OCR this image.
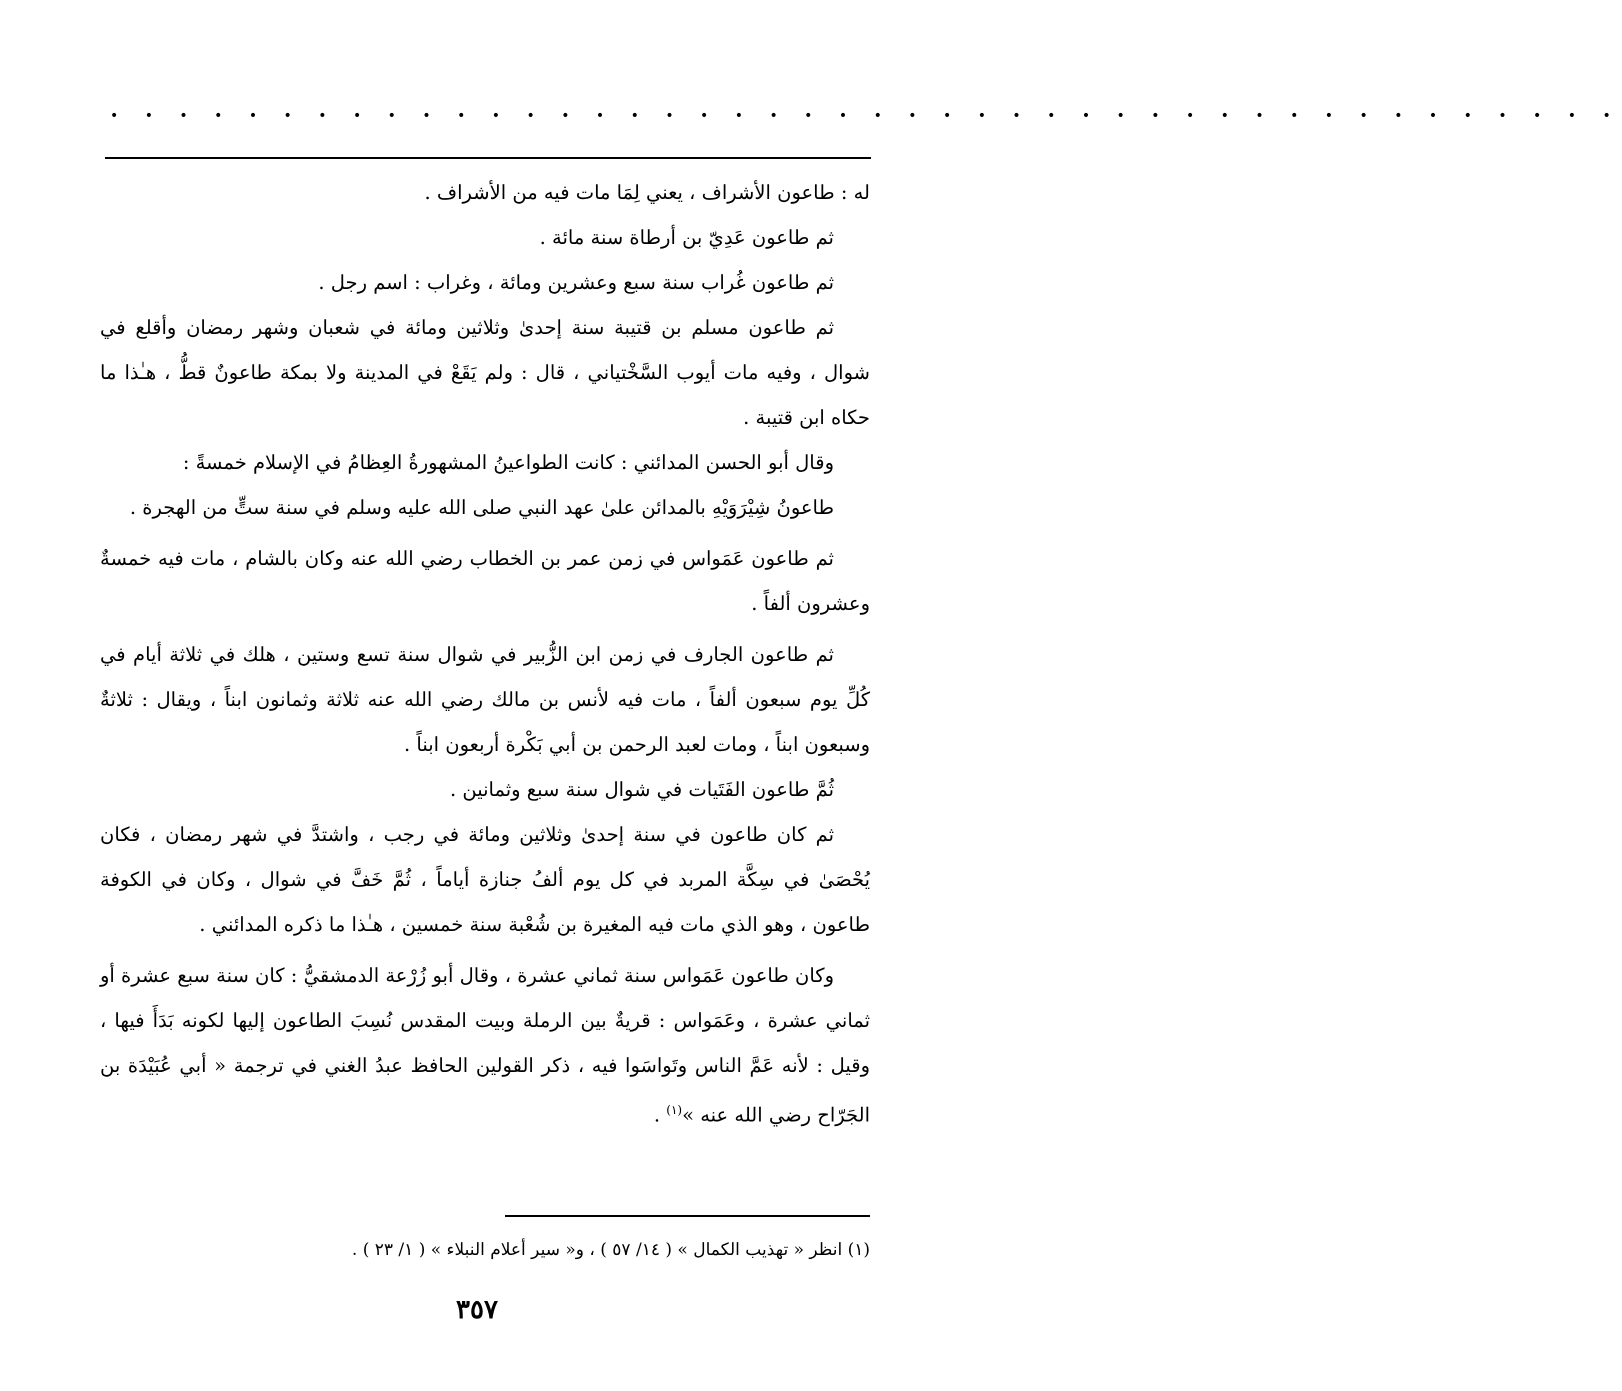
• • • • • • • • • • • • • • • • • • • • • • • • • • • • • • • • • • • • • • • • • • • •

له : طاعون الأشراف ، يعني لِمَا مات فيه من الأشراف .

ثم طاعون عَدِيّ بن أرطاة سنة مائة .

ثم طاعون غُراب سنة سبع وعشرين ومائة ، وغراب : اسم رجل .

ثم طاعون مسلم بن قتيبة سنة إحدىٰ وثلاثين ومائة في شعبان وشهر رمضان وأقلع في شوال ، وفيه مات أيوب السَّخْتياني ، قال : ولم يَقَعْ في المدينة ولا بمكة طاعونٌ قطُّ ، هـٰذا ما حكاه ابن قتيبة .

وقال أبو الحسن المدائني : كانت الطواعينُ المشهورةُ العِظامُ في الإسلام خمسةً :

طاعونُ شِيْرَوَيْهِ بالمدائن علىٰ عهد النبي صلى الله عليه وسلم في سنة ستٍّ من الهجرة .

ثم طاعون عَمَواس في زمن عمر بن الخطاب رضي الله عنه وكان بالشام ، مات فيه خمسةٌ وعشرون ألفاً .

ثم طاعون الجارف في زمن ابن الزُّبير في شوال سنة تسع وستين ، هلك في ثلاثة أيام في كُلِّ يوم سبعون ألفاً ، مات فيه لأنس بن مالك رضي الله عنه ثلاثة وثمانون ابناً ، ويقال : ثلاثةٌ وسبعون ابناً ، ومات لعبد الرحمن بن أبي بَكْرة أربعون ابناً .

ثُمَّ طاعون الفَتَيات في شوال سنة سبع وثمانين .

ثم كان طاعون في سنة إحدىٰ وثلاثين ومائة في رجب ، واشتدَّ في شهر رمضان ، فكان يُحْصَىٰ في سِكَّة المربد في كل يوم ألفُ جنازة أياماً ، ثُمَّ خَفَّ في شوال ، وكان في الكوفة طاعون ، وهو الذي مات فيه المغيرة بن شُعْبة سنة خمسين ، هـٰذا ما ذكره المدائني .

وكان طاعون عَمَواس سنة ثماني عشرة ، وقال أبو زُرْعة الدمشقيُّ : كان سنة سبع عشرة أو ثماني عشرة ، وعَمَواس : قريةٌ بين الرملة وبيت المقدس نُسِبَ الطاعون إليها لكونه بَدَأَ فيها ، وقيل : لأنه عَمَّ الناس وتَواسَوا فيه ، ذكر القولين الحافظ عبدُ الغني في ترجمة « أبي عُبَيْدَة بن الجَرّاح رضي الله عنه »$^{(١)}$ .

(١) انظر « تهذيب الكمال » ( ١٤/ ٥٧ ) ، و« سير أعلام النبلاء » ( ١/ ٢٣ ) .
٣٥٧
